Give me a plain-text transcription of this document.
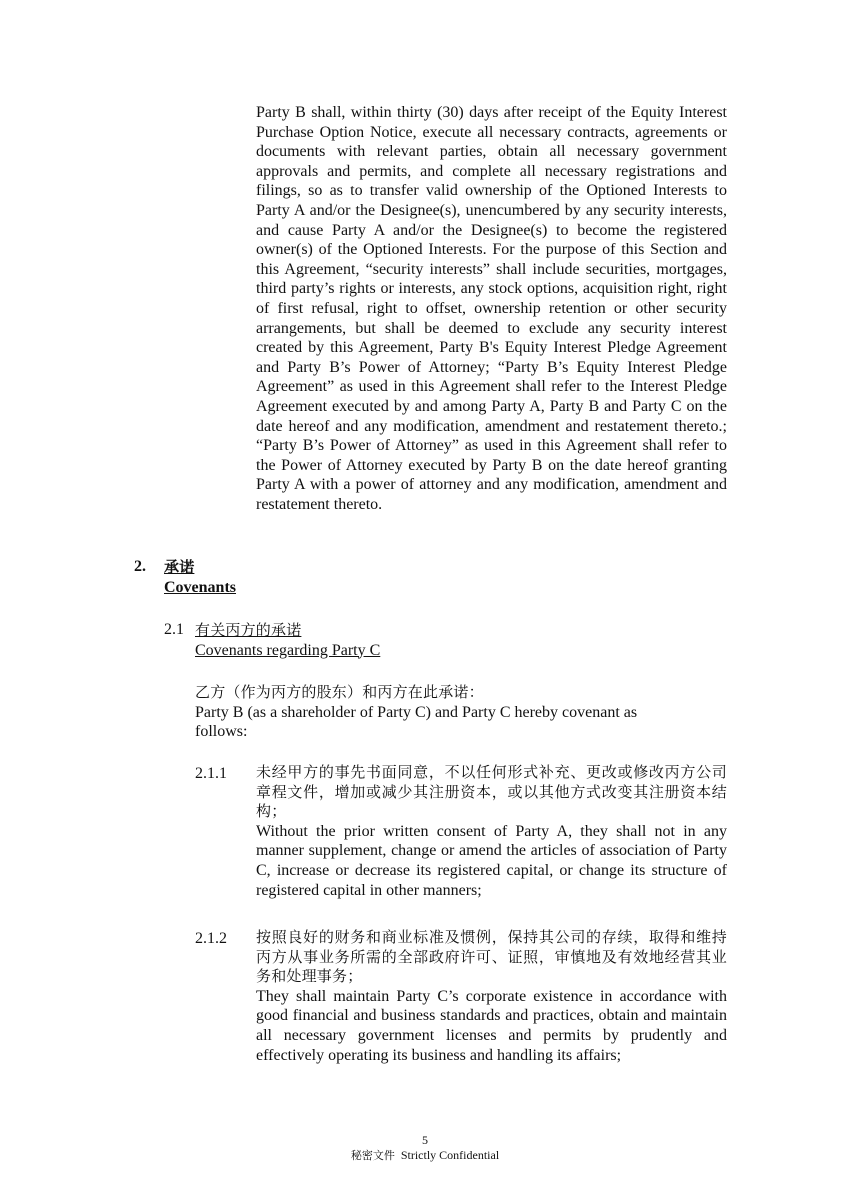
Party B shall, within thirty (30) days after receipt of the Equity Interest Purchase Option Notice, execute all necessary contracts, agreements or documents with relevant parties, obtain all necessary government approvals and permits, and complete all necessary registrations and filings, so as to transfer valid ownership of the Optioned Interests to Party A and/or the Designee(s), unencumbered by any security interests, and cause Party A and/or the Designee(s) to become the registered owner(s) of the Optioned Interests. For the purpose of this Section and this Agreement, “security interests” shall include securities, mortgages, third party’s rights or interests, any stock options, acquisition right, right of first refusal, right to offset, ownership retention or other security arrangements, but shall be deemed to exclude any security interest created by this Agreement, Party B's Equity Interest Pledge Agreement and Party B’s Power of Attorney; “Party B’s Equity Interest Pledge Agreement” as used in this Agreement shall refer to the Interest Pledge Agreement executed by and among Party A, Party B and Party C on the date hereof and any modification, amendment and restatement thereto.; “Party B’s Power of Attorney” as used in this Agreement shall refer to the Power of Attorney executed by Party B on the date hereof granting Party A with a power of attorney and any modification, amendment and restatement thereto.

2. 承诺
Covenants
2.1 有关丙方的承诺
Covenants regarding Party C

乙方（作为丙方的股东）和丙方在此承诺：

Party B (as a shareholder of Party C) and Party C hereby covenant as follows:

2.1.1 未经甲方的事先书面同意，不以任何形式补充、更改或修改丙方公司章程文件，增加或减少其注册资本，或以其他方式改变其注册资本结构；

Without the prior written consent of Party A, they shall not in any manner supplement, change or amend the articles of association of Party C, increase or decrease its registered capital, or change its structure of registered capital in other manners;

2.1.2 按照良好的财务和商业标准及惯例，保持其公司的存续，取得和维持丙方从事业务所需的全部政府许可、证照，审慎地及有效地经营其业务和处理事务；

They shall maintain Party C’s corporate existence in accordance with good financial and business standards and practices, obtain and maintain all necessary government licenses and permits by prudently and effectively operating its business and handling its affairs;

5
秘密文件 Strictly Confidential
